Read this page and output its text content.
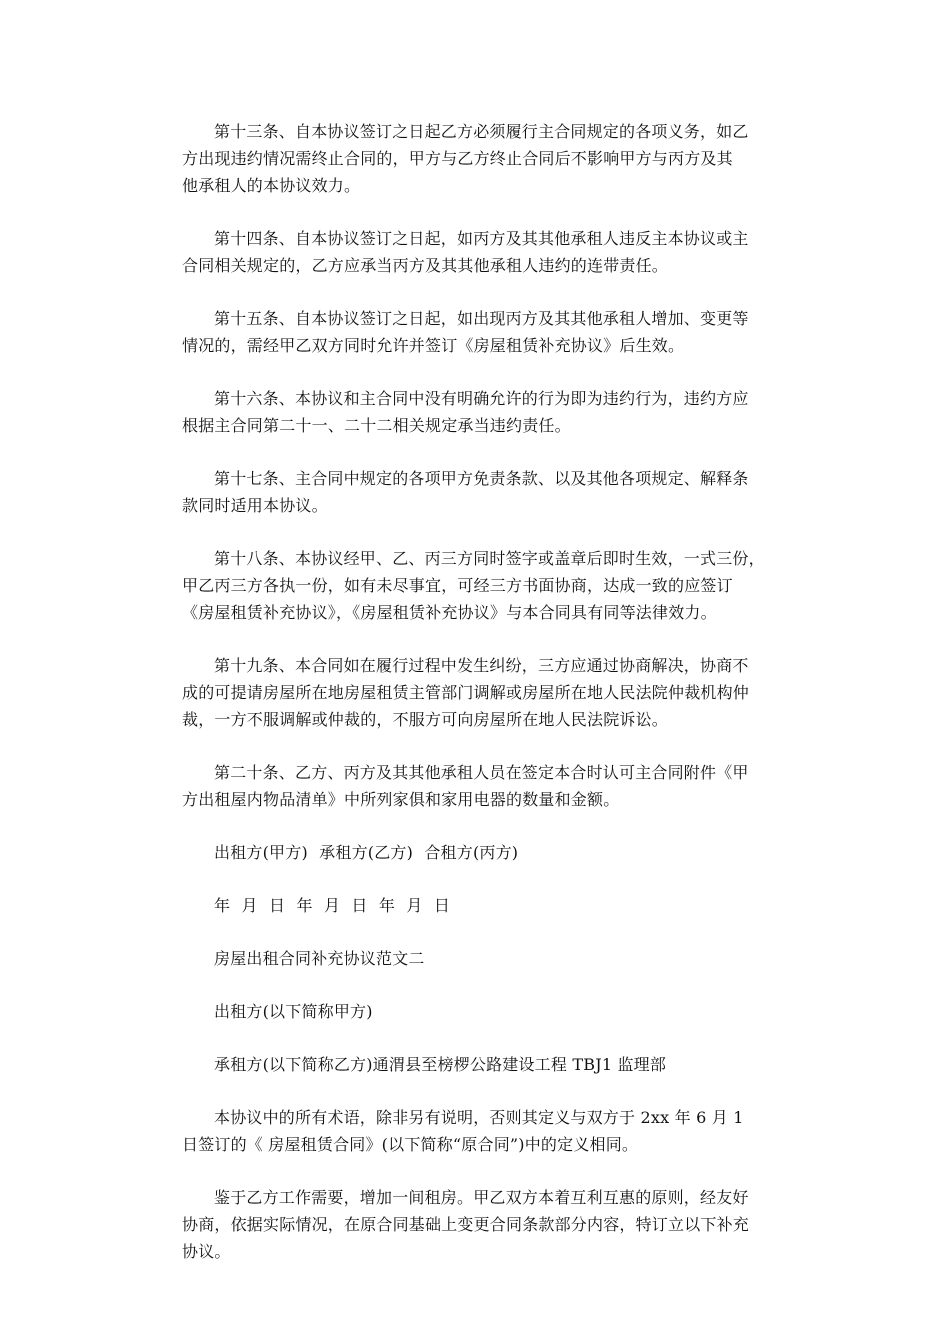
第十三条、自本协议签订之日起乙方必须履行主合同规定的各项义务，如乙
方出现违约情况需终止合同的，甲方与乙方终止合同后不影响甲方与丙方及其
他承租人的本协议效力。

第十四条、自本协议签订之日起，如丙方及其其他承租人违反主本协议或主
合同相关规定的，乙方应承当丙方及其其他承租人违约的连带责任。

第十五条、自本协议签订之日起，如出现丙方及其其他承租人增加、变更等
情况的，需经甲乙双方同时允许并签订《房屋租赁补充协议》后生效。

第十六条、本协议和主合同中没有明确允许的行为即为违约行为，违约方应
根据主合同第二十一、二十二相关规定承当违约责任。

第十七条、主合同中规定的各项甲方免责条款、以及其他各项规定、解释条
款同时适用本协议。

第十八条、本协议经甲、乙、丙三方同时签字或盖章后即时生效，一式三份，
甲乙丙三方各执一份，如有未尽事宜，可经三方书面协商，达成一致的应签订
《房屋租赁补充协议》，《房屋租赁补充协议》与本合同具有同等法律效力。

第十九条、本合同如在履行过程中发生纠纷，三方应通过协商解决，协商不
成的可提请房屋所在地房屋租赁主管部门调解或房屋所在地人民法院仲裁机构仲
裁，一方不服调解或仲裁的，不服方可向房屋所在地人民法院诉讼。

第二十条、乙方、丙方及其其他承租人员在签定本合时认可主合同附件《甲
方出租屋内物品清单》中所列家俱和家用电器的数量和金额。

出租方(甲方) 承租方(乙方) 合租方(丙方)

年 月 日 年 月 日 年 月 日

房屋出租合同补充协议范文二

出租方(以下简称甲方)

承租方(以下简称乙方)通渭县至榜椤公路建设工程 TBJ1 监理部

本协议中的所有术语，除非另有说明，否则其定义与双方于 2xx 年 6 月 1
日签订的《 房屋租赁合同》(以下简称“原合同”)中的定义相同。

鉴于乙方工作需要，增加一间租房。甲乙双方本着互利互惠的原则，经友好
协商，依据实际情况，在原合同基础上变更合同条款部分内容，特订立以下补充
协议。
